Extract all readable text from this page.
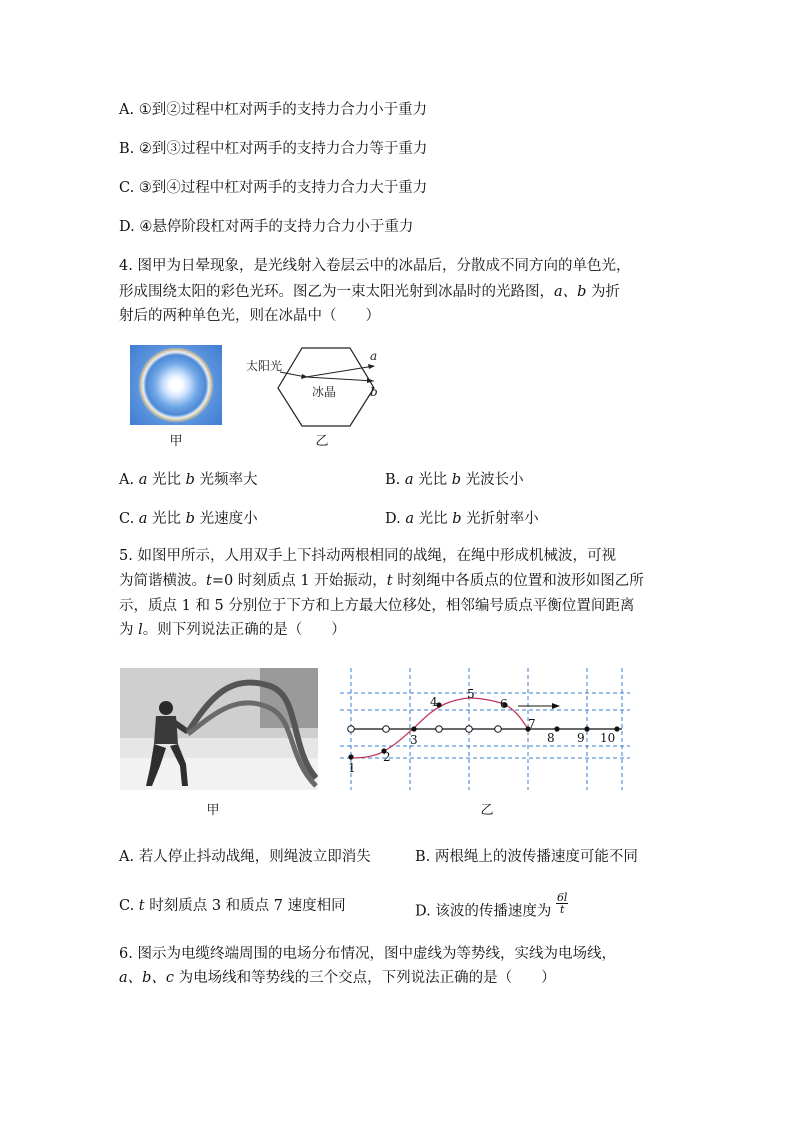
A. ①到②过程中杠对两手的支持力合力小于重力
B. ②到③过程中杠对两手的支持力合力等于重力
C. ③到④过程中杠对两手的支持力合力大于重力
D. ④悬停阶段杠对两手的支持力合力小于重力
4. 图甲为日晕现象，是光线射入卷层云中的冰晶后，分散成不同方向的单色光，
形成围绕太阳的彩色光环。图乙为一束太阳光射到冰晶时的光路图，a、b 为折
射后的两种单色光，则在冰晶中（　　）
甲
太阳光
冰晶
a
b
乙
A. a 光比 b 光频率大	B. a 光比 b 光波长小
C. a 光比 b 光速度小	D. a 光比 b 光折射率小
5. 如图甲所示，人用双手上下抖动两根相同的战绳，在绳中形成机械波，可视
为简谐横波。t=0 时刻质点 1 开始振动，t 时刻绳中各质点的位置和波形如图乙所
示，质点 1 和 5 分别位于下方和上方最大位移处，相邻编号质点平衡位置间距离
为 l。则下列说法正确的是（　　）
甲
1
2
3
4
5
6
7
8 9 10
乙
A. 若人停止抖动战绳，则绳波立即消失	B. 两根绳上的波传播速度可能不同
C. t 时刻质点 3 和质点 7 速度相同	D. 该波的传播速度为 $\frac{6l}{t}$
6. 图示为电缆终端周围的电场分布情况，图中虚线为等势线，实线为电场线，
a、b、c 为电场线和等势线的三个交点，下列说法正确的是（　　）
